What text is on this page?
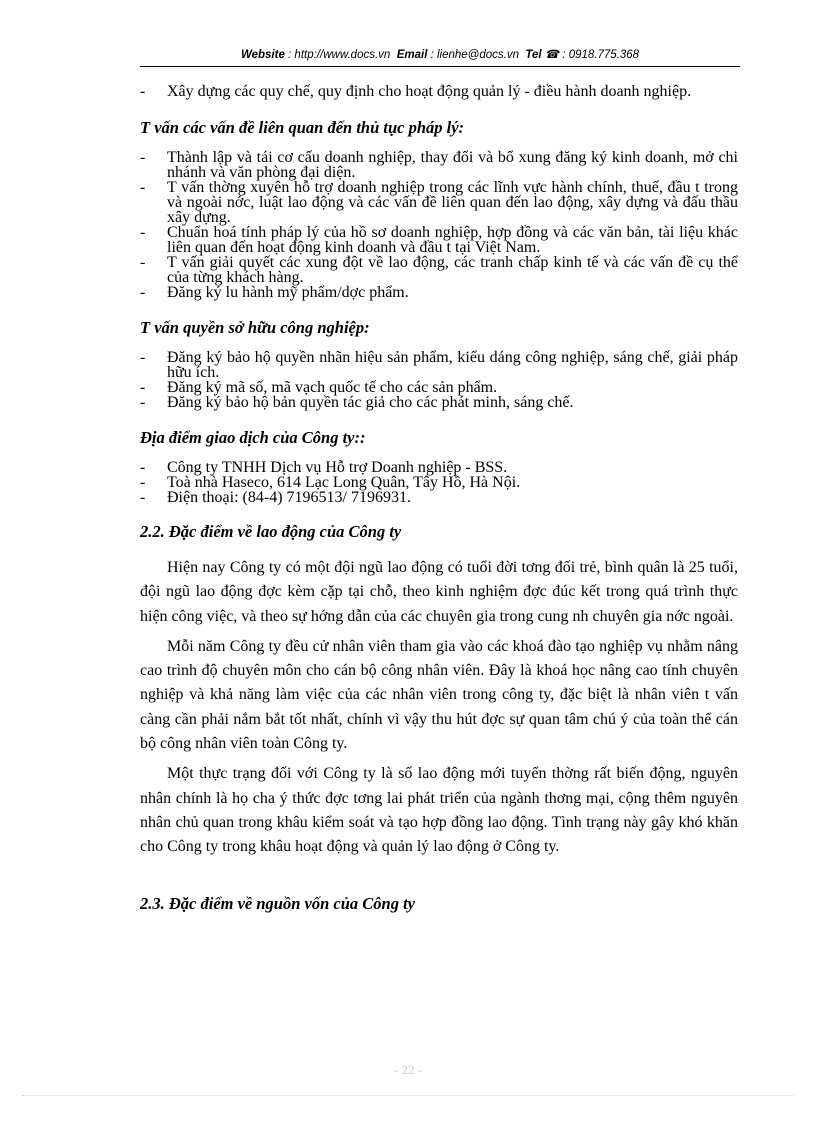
Website : http://www.docs.vn Email : lienhe@docs.vn Tel ☎ : 0918.775.368
- Xây dựng các quy chế, quy định cho hoạt động quản lý - điều hành doanh nghiệp.
T vấn các vấn đề liên quan đến thủ tục pháp lý:
- Thành lập và tái cơ cấu doanh nghiệp, thay đổi và bổ xung đăng ký kinh doanh, mở chi nhánh và văn phòng đại diện.
- T vấn thờng xuyên hỗ trợ doanh nghiệp trong các lĩnh vực hành chính, thuế, đầu t trong và ngoài nớc, luật lao động và các vấn đề liên quan đến lao động, xây dựng và đấu thầu xây dựng.
- Chuẩn hoá tính pháp lý của hồ sơ doanh nghiệp, hợp đồng và các văn bản, tài liệu khác liên quan đến hoạt động kinh doanh và đầu t tại Việt Nam.
- T vấn giải quyết các xung đột về lao động, các tranh chấp kinh tế và các vấn đề cụ thể của từng khách hàng.
- Đăng ký lu hành mỹ phẩm/dợc phẩm.
T vấn quyền sở hữu công nghiệp:
- Đăng ký bảo hộ quyền nhãn hiệu sản phẩm, kiểu dáng công nghiệp, sáng chế, giải pháp hữu ích.
- Đăng ký mã số, mã vạch quốc tế cho các sản phẩm.
- Đăng ký bảo hộ bản quyền tác giả cho các phát minh, sáng chế.
Địa điểm giao dịch của Công ty::
- Công ty TNHH Dịch vụ Hỗ trợ Doanh nghiệp - BSS.
- Toà nhà Haseco, 614 Lạc Long Quân, Tây Hồ, Hà Nội.
- Điện thoại: (84-4) 7196513/ 7196931.
2.2. Đặc điểm về lao động của Công ty

Hiện nay Công ty có một đội ngũ lao động có tuổi đời tơng đối trẻ, bình quân là 25 tuổi, đội ngũ lao động đợc kèm cặp tại chỗ, theo kinh nghiệm đợc đúc kết trong quá trình thực hiện công việc, và theo sự hớng dẫn của các chuyên gia trong cung nh chuyên gia nớc ngoài.

Mỗi năm Công ty đều cử nhân viên tham gia vào các khoá đào tạo nghiệp vụ nhằm nâng cao trình độ chuyên môn cho cán bộ công nhân viên. Đây là khoá học nâng cao tính chuyên nghiệp và khả năng làm việc của các nhân viên trong công ty, đặc biệt là nhân viên t vấn càng cần phải nắm bắt tốt nhất, chính vì vậy thu hút đợc sự quan tâm chú ý của toàn thể cán bộ công nhân viên toàn Công ty.

Một thực trạng đối với Công ty là số lao động mới tuyển thờng rất biến động, nguyên nhân chính là họ cha ý thức đợc tơng lai phát triển của ngành thơng mại, cộng thêm nguyên nhân chủ quan trong khâu kiểm soát và tạo hợp đồng lao động. Tình trạng này gây khó khăn cho Công ty trong khâu hoạt động và quản lý lao động ở Công ty.

2.3. Đặc điểm về nguồn vốn của Công ty
- 22 -
